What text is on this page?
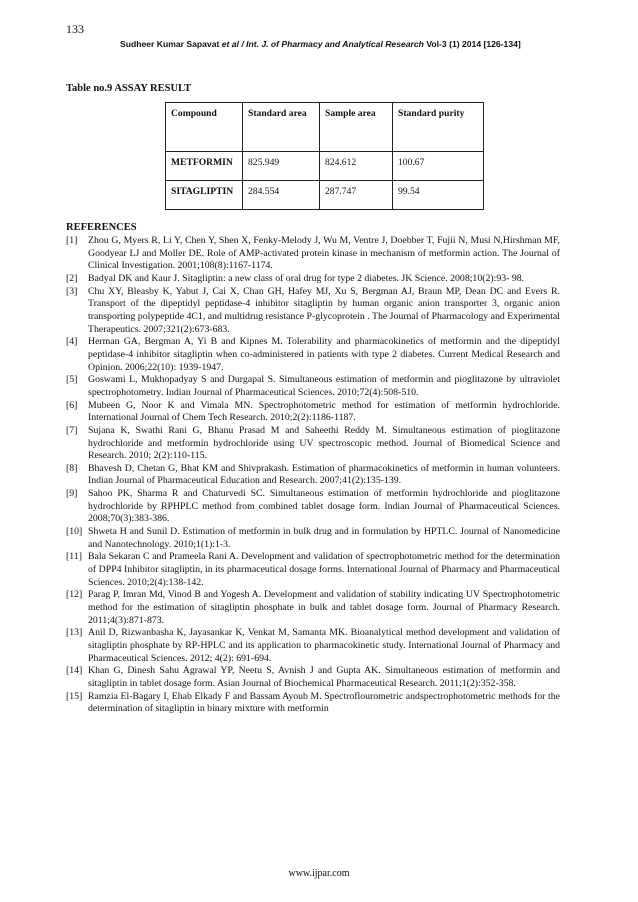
133
Sudheer Kumar Sapavat et al / Int. J. of Pharmacy and Analytical Research Vol-3 (1) 2014 [126-134]
Table no.9 ASSAY RESULT
Compound	Standard area	Sample area	Standard purity
METFORMIN	825.949	824.612	100.67
SITAGLIPTIN	284.554	287.747	99.54
REFERENCES
[1] Zhou G, Myers R, Li Y, Chen Y, Shen X, Fenky-Melody J, Wu M, Ventre J, Doebber T, Fujii N, Musi N,Hirshman MF, Goodyear LJ and Moller DE. Role of AMP-activated protein kinase in mechanism of metformin action. The Journal of Clinical Investigation. 2001;108(8):1167-1174.
[2] Badyal DK and Kaur J. Sitagliptin: a new class of oral drug for type 2 diabetes. JK Science. 2008;10(2):93- 98.
[3] Chu XY, Bleasby K, Yabut J, Cai X, Chan GH, Hafey MJ, Xu S, Bergman AJ, Braun MP, Dean DC and Evers R. Transport of the dipeptidyl peptidase-4 inhibitor sitagliptin by human organic anion transporter 3, organic anion transporting polypeptide 4C1, and multidrug resistance P-glycoprotein . The Journal of Pharmacology and Experimental Therapeutics. 2007;321(2):673-683.
[4] Herman GA, Bergman A, Yi B and Kipnes M. Tolerability and pharmacokinetics of metformin and the dipeptidyl peptidase-4 inhibitor sitagliptin when co-administered in patients with type 2 diabetes. Current Medical Research and Opinion. 2006;22(10): 1939-1947.
[5] Goswami L, Mukhopadyay S and Durgapal S. Simultaneous estimation of metformin and pioglitazone by ultraviolet spectrophotometry. Indian Journal of Pharmaceutical Sciences. 2010;72(4):508-510.
[6] Mubeen G, Noor K and Vimala MN. Spectrophotometric method for estimation of metformin hydrochloride. International Journal of Chem Tech Research. 2010;2(2):1186-1187.
[7] Sujana K, Swathi Rani G, Bhanu Prasad M and Saheethi Reddy M. Simultaneous estimation of pioglitazone hydrochloride and metformin hydrochloride using UV spectroscopic method. Journal of Biomedical Science and Research. 2010; 2(2):110-115.
[8] Bhavesh D, Chetan G, Bhat KM and Shivprakash. Estimation of pharmacokinetics of metformin in human volunteers. Indian Journal of Pharmaceutical Education and Research. 2007;41(2):135-139.
[9] Sahoo PK, Sharma R and Chaturvedi SC. Simultaneous estimation of metformin hydrochloride and pioglitazone hydrochloride by RPHPLC method from combined tablet dosage form. Indian Journal of Pharmaceutical Sciences. 2008;70(3):383-386.
[10] Shweta H and Sunil D. Estimation of metformin in bulk drug and in formulation by HPTLC. Journal of Nanomedicine and Nanotechnology. 2010;1(1):1-3.
[11] Bala Sekaran C and Prameela Rani A. Development and validation of spectrophotometric method for the determination of DPP4 Inhibitor sitagliptin, in its pharmaceutical dosage forms. International Journal of Pharmacy and Pharmaceutical Sciences. 2010;2(4):138-142.
[12] Parag P, Imran Md, Vinod B and Yogesh A. Development and validation of stability indicating UV Spectrophotometric method for the estimation of sitagliptin phosphate in bulk and tablet dosage form. Journal of Pharmacy Research. 2011;4(3):871-873.
[13] Anil D, Rizwanbasha K, Jayasankar K, Venkat M, Samanta MK. Bioanalytical method development and validation of sitagliptin phosphate by RP-HPLC and its application to pharmacokinetic study. International Journal of Pharmacy and Pharmaceutical Sciences. 2012; 4(2): 691-694.
[14] Khan G, Dinesh Sahu Agrawal YP, Neetu S, Avnish J and Gupta AK. Simultaneous estimation of metformin and sitagliptin in tablet dosage form. Asian Journal of Biochemical Pharmaceutical Research. 2011;1(2):352-358.
[15] Ramzia El-Bagary I, Ehab Elkady F and Bassam Ayoub M. Spectroflourometric andspectrophotometric methods for the determination of sitagliptin in binary mixture with metformin
www.ijpar.com
